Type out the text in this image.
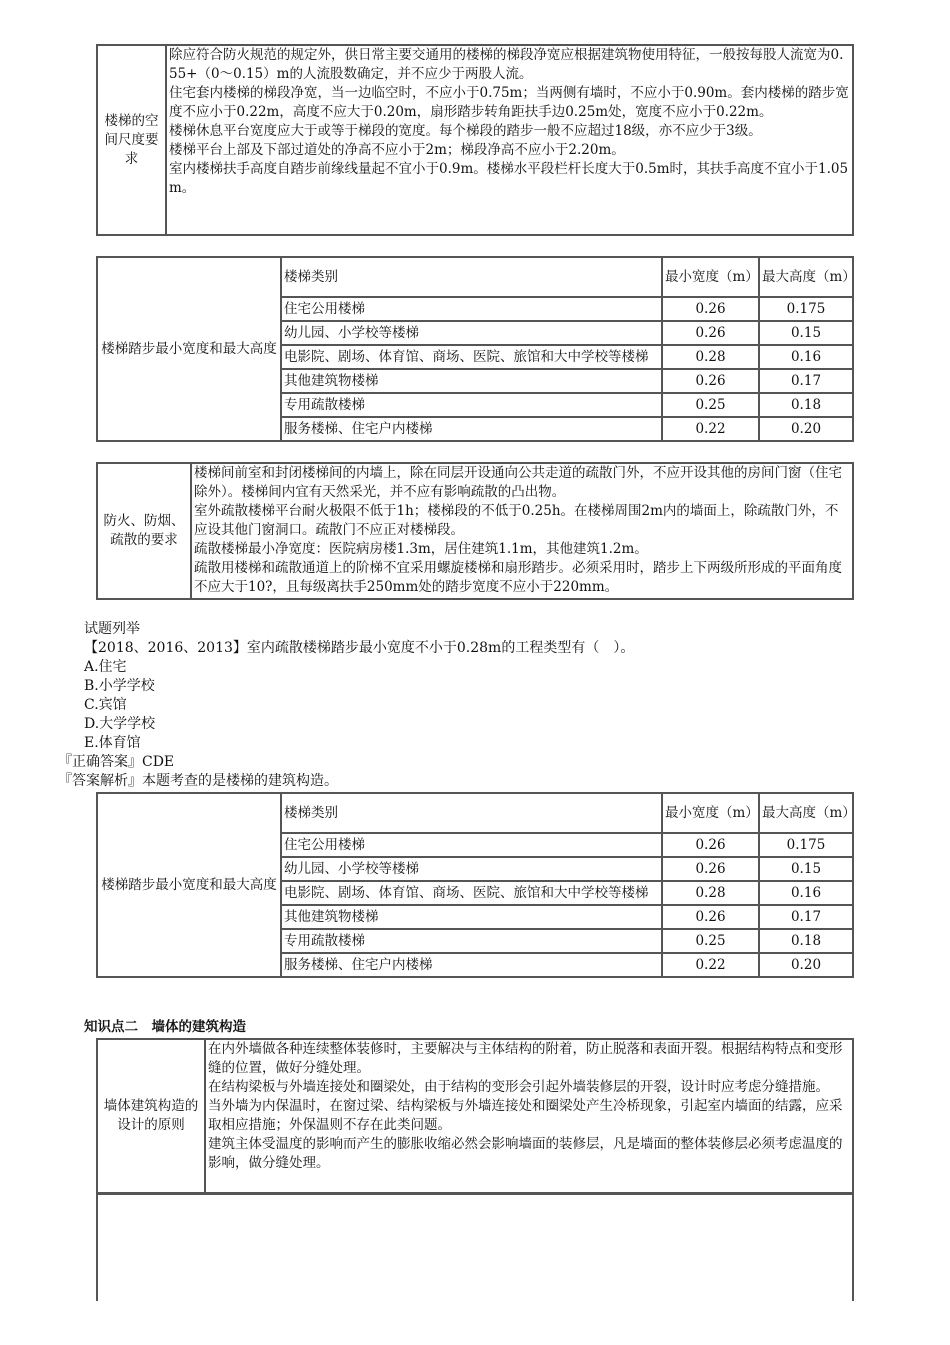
楼梯的空间尺度要求	
除应符合防火规范的规定外，供日常主要交通用的楼梯的梯段净宽应根据建筑物使用特征，一般按每股人流宽为0.55+（0～0.15）m的人流股数确定，并不应少于两股人流。
住宅套内楼梯的梯段净宽，当一边临空时，不应小于0.75m；当两侧有墙时，不应小于0.90m。套内楼梯的踏步宽度不应小于0.22m，高度不应大于0.20m，扇形踏步转角距扶手边0.25m处，宽度不应小于0.22m。
楼梯休息平台宽度应大于或等于梯段的宽度。每个梯段的踏步一般不应超过18级，亦不应少于3级。
楼梯平台上部及下部过道处的净高不应小于2m；梯段净高不应小于2.20m。
室内楼梯扶手高度自踏步前缘线量起不宜小于0.9m。楼梯水平段栏杆长度大于0.5m时，其扶手高度不宜小于1.05m。
楼梯踏步最小宽度和最大高度	楼梯类别	最小宽度（m）	最大高度（m）
	住宅公用楼梯	0.26	0.175
	幼儿园、小学校等楼梯	0.26	0.15
	电影院、剧场、体育馆、商场、医院、旅馆和大中学校等楼梯	0.28	0.16
	其他建筑物楼梯	0.26	0.17
	专用疏散楼梯	0.25	0.18
	服务楼梯、住宅户内楼梯	0.22	0.20
防火、防烟、疏散的要求	
楼梯间前室和封闭楼梯间的内墙上，除在同层开设通向公共走道的疏散门外，不应开设其他的房间门窗（住宅除外）。楼梯间内宜有天然采光，并不应有影响疏散的凸出物。
室外疏散楼梯平台耐火极限不低于1h；楼梯段的不低于0.25h。在楼梯周围2m内的墙面上，除疏散门外，不应设其他门窗洞口。疏散门不应正对楼梯段。
疏散楼梯最小净宽度：医院病房楼1.3m，居住建筑1.1m，其他建筑1.2m。
疏散用楼梯和疏散通道上的阶梯不宜采用螺旋楼梯和扇形踏步。必须采用时，踏步上下两级所形成的平面角度不应大于10?，且每级离扶手250mm处的踏步宽度不应小于220mm。
试题列举
【2018、2016、2013】室内疏散楼梯踏步最小宽度不小于0.28m的工程类型有（　）。
A.住宅
B.小学学校
C.宾馆
D.大学学校
E.体育馆
『正确答案』CDE
『答案解析』本题考查的是楼梯的建筑构造。
楼梯踏步最小宽度和最大高度	楼梯类别	最小宽度（m）	最大高度（m）
	住宅公用楼梯	0.26	0.175
	幼儿园、小学校等楼梯	0.26	0.15
	电影院、剧场、体育馆、商场、医院、旅馆和大中学校等楼梯	0.28	0.16
	其他建筑物楼梯	0.26	0.17
	专用疏散楼梯	0.25	0.18
	服务楼梯、住宅户内楼梯	0.22	0.20
知识点二　墙体的建筑构造
墙体建筑构造的设计的原则	
在内外墙做各种连续整体装修时，主要解决与主体结构的附着，防止脱落和表面开裂。根据结构特点和变形缝的位置，做好分缝处理。
在结构梁板与外墙连接处和圈梁处，由于结构的变形会引起外墙装修层的开裂，设计时应考虑分缝措施。
当外墙为内保温时，在窗过梁、结构梁板与外墙连接处和圈梁处产生冷桥现象，引起室内墙面的结露，应采取相应措施；外保温则不存在此类问题。
建筑主体受温度的影响而产生的膨胀收缩必然会影响墙面的装修层，凡是墙面的整体装修层必须考虑温度的影响，做分缝处理。
